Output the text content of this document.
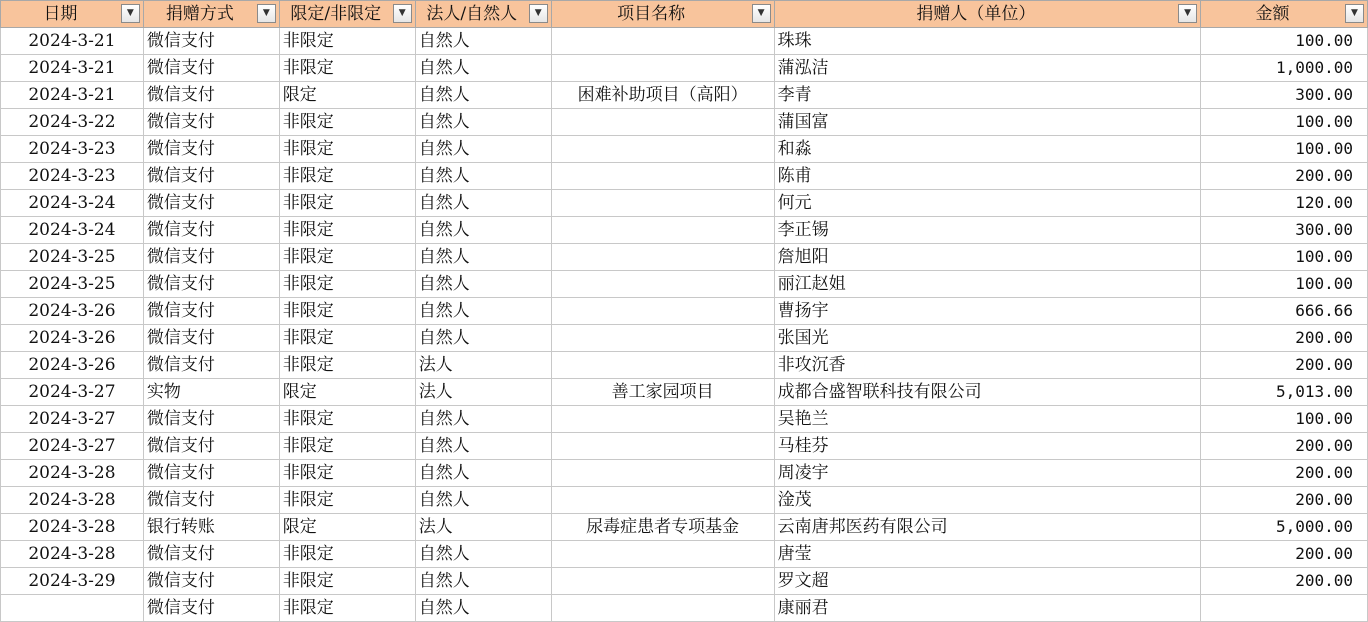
日期 ▼	捐赠方式 ▼	限定/非限定 ▼	法人/自然人 ▼	项目名称 ▼	捐赠人（单位） ▼	金额 ▼

2024-3-21	微信支付	非限定	自然人		珠珠	100.00
2024-3-21	微信支付	非限定	自然人		蒲泓洁	1,000.00
2024-3-21	微信支付	限定	自然人	困难补助项目（高阳）	李青	300.00
2024-3-22	微信支付	非限定	自然人		蒲国富	100.00
2024-3-23	微信支付	非限定	自然人		和淼	100.00
2024-3-23	微信支付	非限定	自然人		陈甫	200.00
2024-3-24	微信支付	非限定	自然人		何元	120.00
2024-3-24	微信支付	非限定	自然人		李正锡	300.00
2024-3-25	微信支付	非限定	自然人		詹旭阳	100.00
2024-3-25	微信支付	非限定	自然人		丽江赵姐	100.00
2024-3-26	微信支付	非限定	自然人		曹扬宇	666.66
2024-3-26	微信支付	非限定	自然人		张国光	200.00
2024-3-26	微信支付	非限定	法人		非攻沉香	200.00
2024-3-27	实物	限定	法人	善工家园项目	成都合盛智联科技有限公司	5,013.00
2024-3-27	微信支付	非限定	自然人		吴艳兰	100.00
2024-3-27	微信支付	非限定	自然人		马桂芬	200.00
2024-3-28	微信支付	非限定	自然人		周凌宇	200.00
2024-3-28	微信支付	非限定	自然人		淦茂	200.00
2024-3-28	银行转账	限定	法人	尿毒症患者专项基金	云南唐邦医药有限公司	5,000.00
2024-3-28	微信支付	非限定	自然人		唐莹	200.00
2024-3-29	微信支付	非限定	自然人		罗文超	200.00
	微信支付	非限定	自然人		康丽君	
